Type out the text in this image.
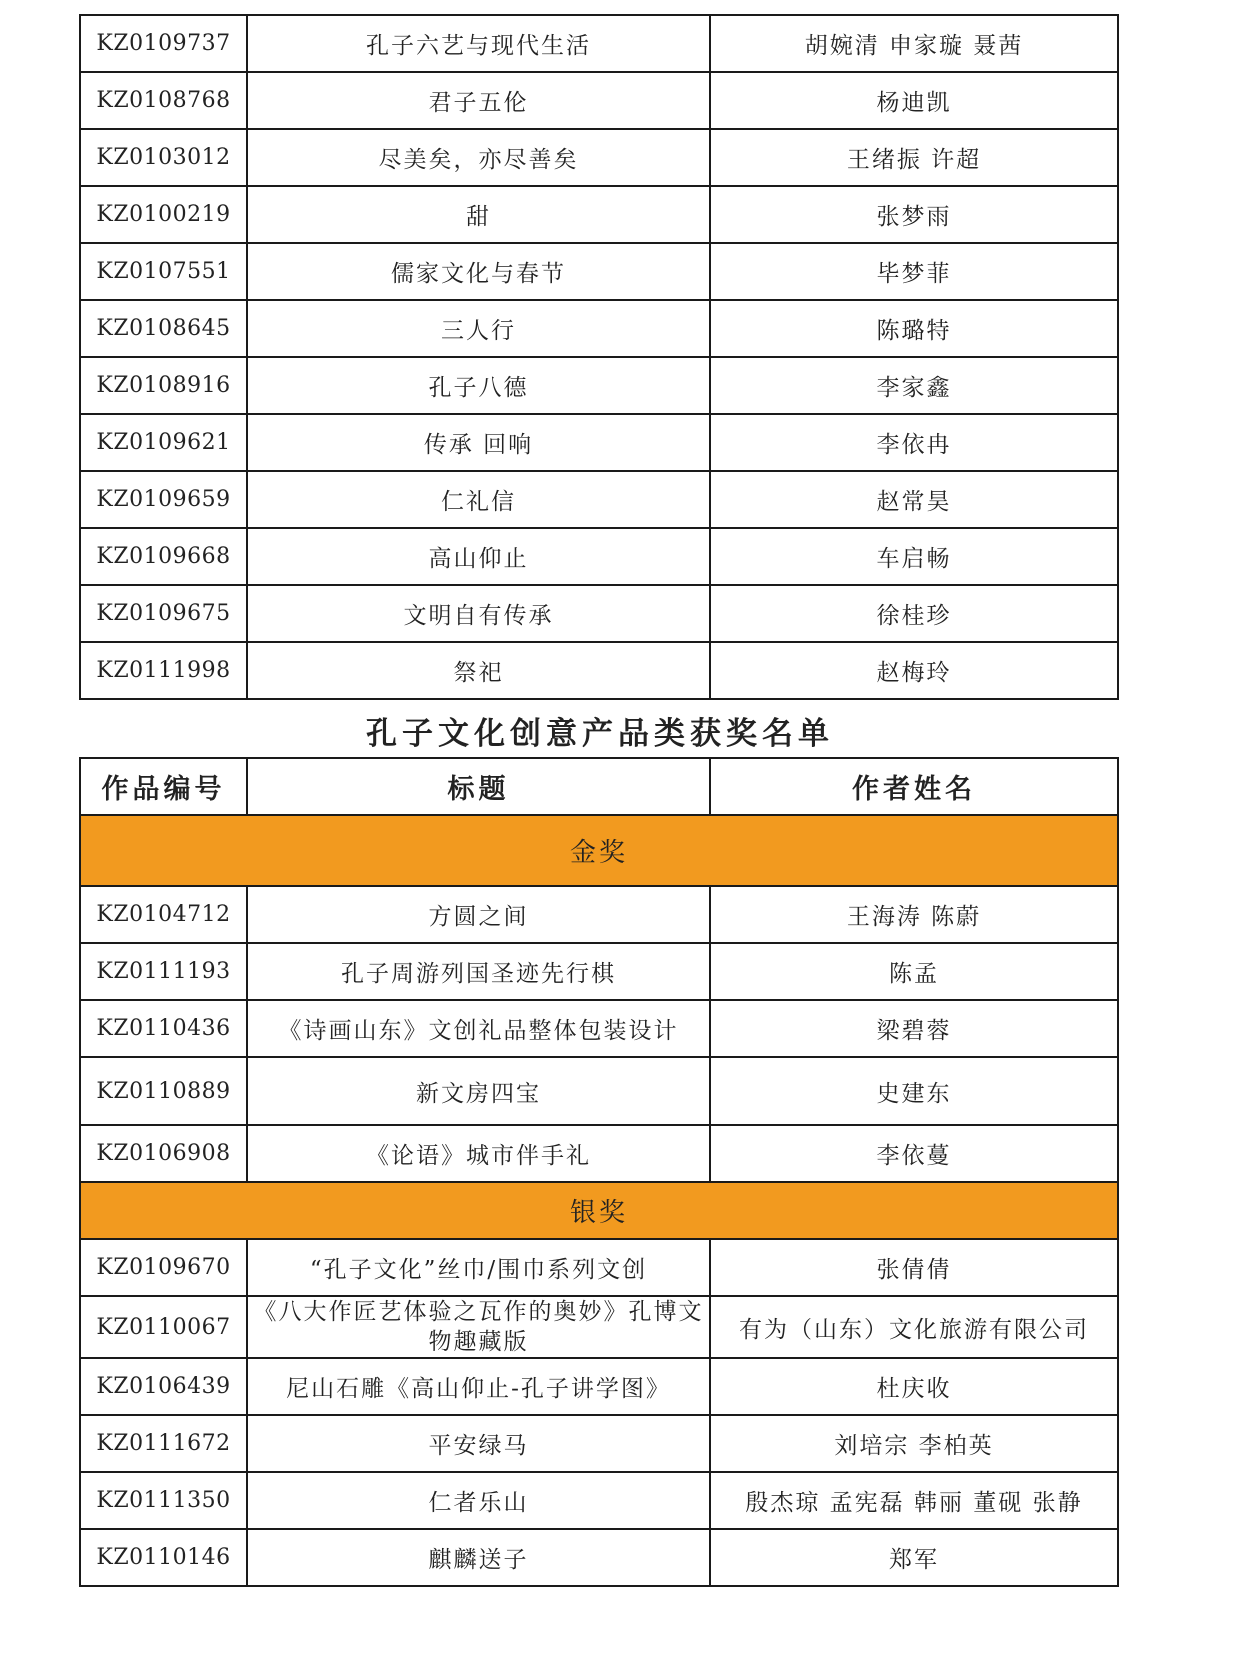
KZ0109737	孔子六艺与现代生活	胡婉清 申家璇 聂茜
KZ0108768	君子五伦	杨迪凯
KZ0103012	尽美矣，亦尽善矣	王绪振 许超
KZ0100219	甜	张梦雨
KZ0107551	儒家文化与春节	毕梦菲
KZ0108645	三人行	陈璐特
KZ0108916	孔子八德	李家鑫
KZ0109621	传承 回响	李依冉
KZ0109659	仁礼信	赵常昊
KZ0109668	高山仰止	车启畅
KZ0109675	文明自有传承	徐桂珍
KZ0111998	祭祀	赵梅玲
孔子文化创意产品类获奖名单
作品编号	标题	作者姓名
金奖		
KZ0104712	方圆之间	王海涛 陈蔚
KZ0111193	孔子周游列国圣迹先行棋	陈孟
KZ0110436	《诗画山东》文创礼品整体包装设计	梁碧蓉
KZ0110889	新文房四宝	史建东
KZ0106908	《论语》城市伴手礼	李依蔓
银奖		
KZ0109670	“孔子文化”丝巾/围巾系列文创	张倩倩
KZ0110067	《八大作匠艺体验之瓦作的奥妙》孔博文物趣藏版	有为（山东）文化旅游有限公司
KZ0106439	尼山石雕《高山仰止-孔子讲学图》	杜庆收
KZ0111672	平安绿马	刘培宗 李柏英
KZ0111350	仁者乐山	殷杰琼 孟宪磊 韩丽 董砚 张静
KZ0110146	麒麟送子	郑军
